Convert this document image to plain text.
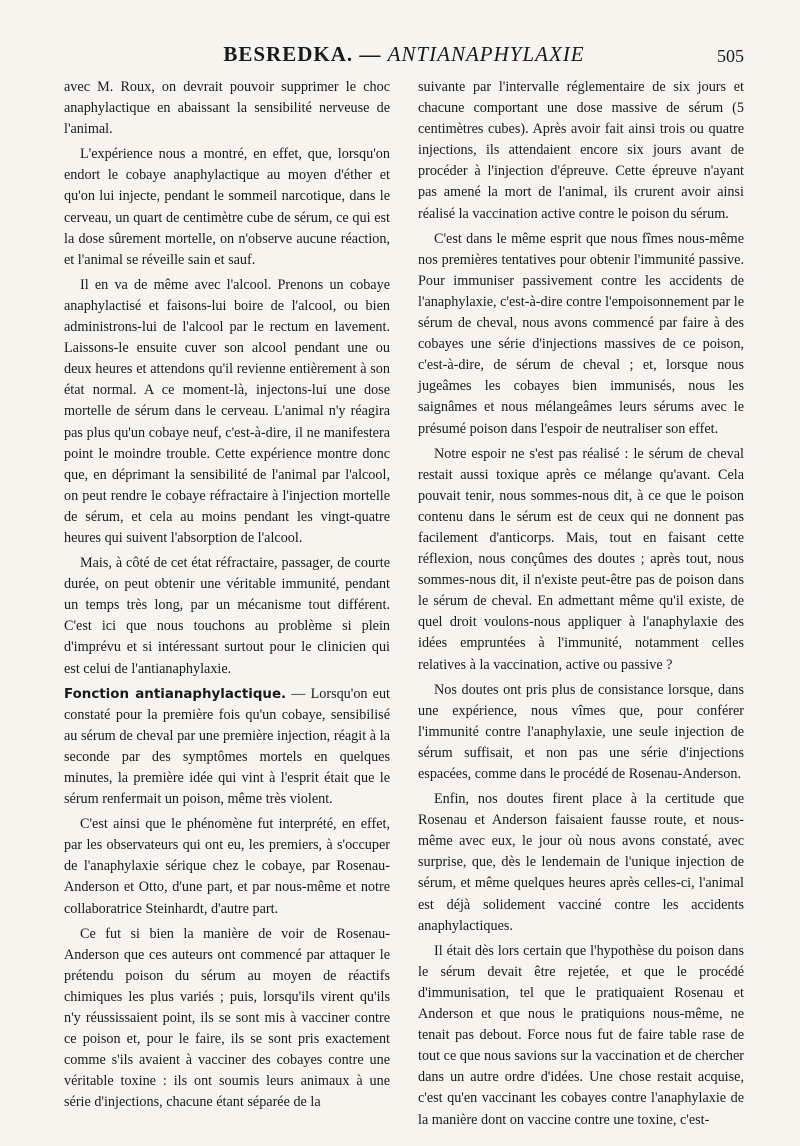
BESREDKA. — ANTIANAPHYLAXIE	505

avec M. Roux, on devrait pouvoir supprimer le choc anaphylactique en abaissant la sensibilité nerveuse de l'animal.

L'expérience nous a montré, en effet, que, lorsqu'on endort le cobaye anaphylactique au moyen d'éther et qu'on lui injecte, pendant le sommeil narcotique, dans le cerveau, un quart de centimètre cube de sérum, ce qui est la dose sûrement mortelle, on n'observe aucune réaction, et l'animal se réveille sain et sauf.

Il en va de même avec l'alcool. Prenons un cobaye anaphylactisé et faisons-lui boire de l'alcool, ou bien administrons-lui de l'alcool par le rectum en lavement. Laissons-le ensuite cuver son alcool pendant une ou deux heures et attendons qu'il revienne entièrement à son état normal. A ce moment-là, injectons-lui une dose mortelle de sérum dans le cerveau. L'animal n'y réagira pas plus qu'un cobaye neuf, c'est-à-dire, il ne manifestera point le moindre trouble. Cette expérience montre donc que, en déprimant la sensibilité de l'animal par l'alcool, on peut rendre le cobaye réfractaire à l'injection mortelle de sérum, et cela au moins pendant les vingt-quatre heures qui suivent l'absorption de l'alcool.

Mais, à côté de cet état réfractaire, passager, de courte durée, on peut obtenir une véritable immunité, pendant un temps très long, par un mécanisme tout différent. C'est ici que nous touchons au problème si plein d'imprévu et si intéressant surtout pour le clinicien qui est celui de l'antianaphylaxie.

Fonction antianaphylactique. — Lorsqu'on eut constaté pour la première fois qu'un cobaye, sensibilisé au sérum de cheval par une première injection, réagit à la seconde par des symptômes mortels en quelques minutes, la première idée qui vint à l'esprit était que le sérum renfermait un poison, même très violent.

C'est ainsi que le phénomène fut interprété, en effet, par les observateurs qui ont eu, les premiers, à s'occuper de l'anaphylaxie sérique chez le cobaye, par Rosenau-Anderson et Otto, d'une part, et par nous-même et notre collaboratrice Steinhardt, d'autre part.

Ce fut si bien la manière de voir de Rosenau-Anderson que ces auteurs ont commencé par attaquer le prétendu poison du sérum au moyen de réactifs chimiques les plus variés ; puis, lorsqu'ils virent qu'ils n'y réussissaient point, ils se sont mis à vacciner contre ce poison et, pour le faire, ils se sont pris exactement comme s'ils avaient à vacciner des cobayes contre une véritable toxine : ils ont soumis leurs animaux à une série d'injections, chacune étant séparée de la

suivante par l'intervalle réglementaire de six jours et chacune comportant une dose massive de sérum (5 centimètres cubes). Après avoir fait ainsi trois ou quatre injections, ils attendaient encore six jours avant de procéder à l'injection d'épreuve. Cette épreuve n'ayant pas amené la mort de l'animal, ils crurent avoir ainsi réalisé la vaccination active contre le poison du sérum.

C'est dans le même esprit que nous fîmes nous-même nos premières tentatives pour obtenir l'immunité passive. Pour immuniser passivement contre les accidents de l'anaphylaxie, c'est-à-dire contre l'empoisonnement par le sérum de cheval, nous avons commencé par faire à des cobayes une série d'injections massives de ce poison, c'est-à-dire, de sérum de cheval ; et, lorsque nous jugeâmes les cobayes bien immunisés, nous les saignâmes et nous mélangeâmes leurs sérums avec le présumé poison dans l'espoir de neutraliser son effet.

Notre espoir ne s'est pas réalisé : le sérum de cheval restait aussi toxique après ce mélange qu'avant. Cela pouvait tenir, nous sommes-nous dit, à ce que le poison contenu dans le sérum est de ceux qui ne donnent pas facilement d'anticorps. Mais, tout en faisant cette réflexion, nous conçûmes des doutes ; après tout, nous sommes-nous dit, il n'existe peut-être pas de poison dans le sérum de cheval. En admettant même qu'il existe, de quel droit voulons-nous appliquer à l'anaphylaxie des idées empruntées à l'immunité, notamment celles relatives à la vaccination, active ou passive ?

Nos doutes ont pris plus de consistance lorsque, dans une expérience, nous vîmes que, pour conférer l'immunité contre l'anaphylaxie, une seule injection de sérum suffisait, et non pas une série d'injections espacées, comme dans le procédé de Rosenau-Anderson.

Enfin, nos doutes firent place à la certitude que Rosenau et Anderson faisaient fausse route, et nous-même avec eux, le jour où nous avons constaté, avec surprise, que, dès le lendemain de l'unique injection de sérum, et même quelques heures après celles-ci, l'animal est déjà solidement vacciné contre les accidents anaphylactiques.

Il était dès lors certain que l'hypothèse du poison dans le sérum devait être rejetée, et que le procédé d'immunisation, tel que le pratiquaient Rosenau et Anderson et que nous le pratiquions nous-même, ne tenait pas debout. Force nous fut de faire table rase de tout ce que nous savions sur la vaccination et de chercher dans un autre ordre d'idées. Une chose restait acquise, c'est qu'en vaccinant les cobayes contre l'anaphylaxie de la manière dont on vaccine contre une toxine, c'est-
